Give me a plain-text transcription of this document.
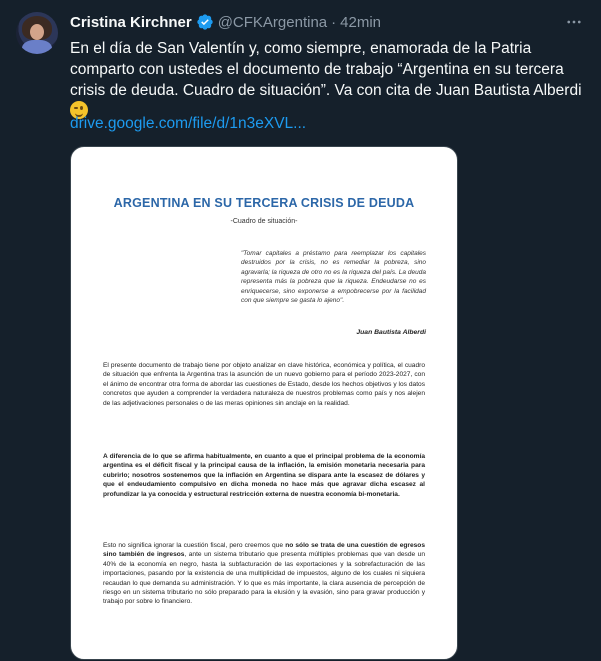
Cristina Kirchner @CFKArgentina · 42min
En el día de San Valentín y, como siempre, enamorada de la Patria comparto con ustedes el documento de trabajo “Argentina en su tercera crisis de deuda. Cuadro de situación”. Va con cita de Juan Bautista Alberdi

drive.google.com/file/d/1n3eXVL...
ARGENTINA EN SU TERCERA CRISIS DE DEUDA
-Cuadro de situación-
"Tomar capitales a préstamo para reemplazar los capitales destruidos por la crisis, no es remediar la pobreza, sino agravarla; la riqueza de otro no es la riqueza del país. La deuda representa más la pobreza que la riqueza. Endeudarse no es enriquecerse, sino exponerse a empobrecerse por la facilidad con que siempre se gasta lo ajeno".
Juan Bautista Alberdi
El presente documento de trabajo tiene por objeto analizar en clave histórica, económica y política, el cuadro de situación que enfrenta la Argentina tras la asunción de un nuevo gobierno para el período 2023-2027, con el ánimo de encontrar otra forma de abordar las cuestiones de Estado, desde los hechos objetivos y los datos concretos que ayuden a comprender la verdadera naturaleza de nuestros problemas como país y nos alejen de las adjetivaciones personales o de las meras opiniones sin anclaje en la realidad.
A diferencia de lo que se afirma habitualmente, en cuanto a que el principal problema de la economía argentina es el déficit fiscal y la principal causa de la inflación, la emisión monetaria necesaria para cubrirlo; nosotros sostenemos que la inflación en Argentina se dispara ante la escasez de dólares y que el endeudamiento compulsivo en dicha moneda no hace más que agravar dicha escasez al profundizar la ya conocida y estructural restricción externa de nuestra economía bi-monetaria.
Esto no significa ignorar la cuestión fiscal, pero creemos que no sólo se trata de una cuestión de egresos sino también de ingresos, ante un sistema tributario que presenta múltiples problemas que van desde un 40% de la economía en negro, hasta la subfacturación de las exportaciones y la sobrefacturación de las importaciones, pasando por la existencia de una multiplicidad de impuestos, alguno de los cuales ni siquiera recaudan lo que demanda su administración. Y lo que es más importante, la clara ausencia de percepción de riesgo en un sistema tributario no sólo preparado para la elusión y la evasión, sino para gravar producción y trabajo por sobre lo financiero.
